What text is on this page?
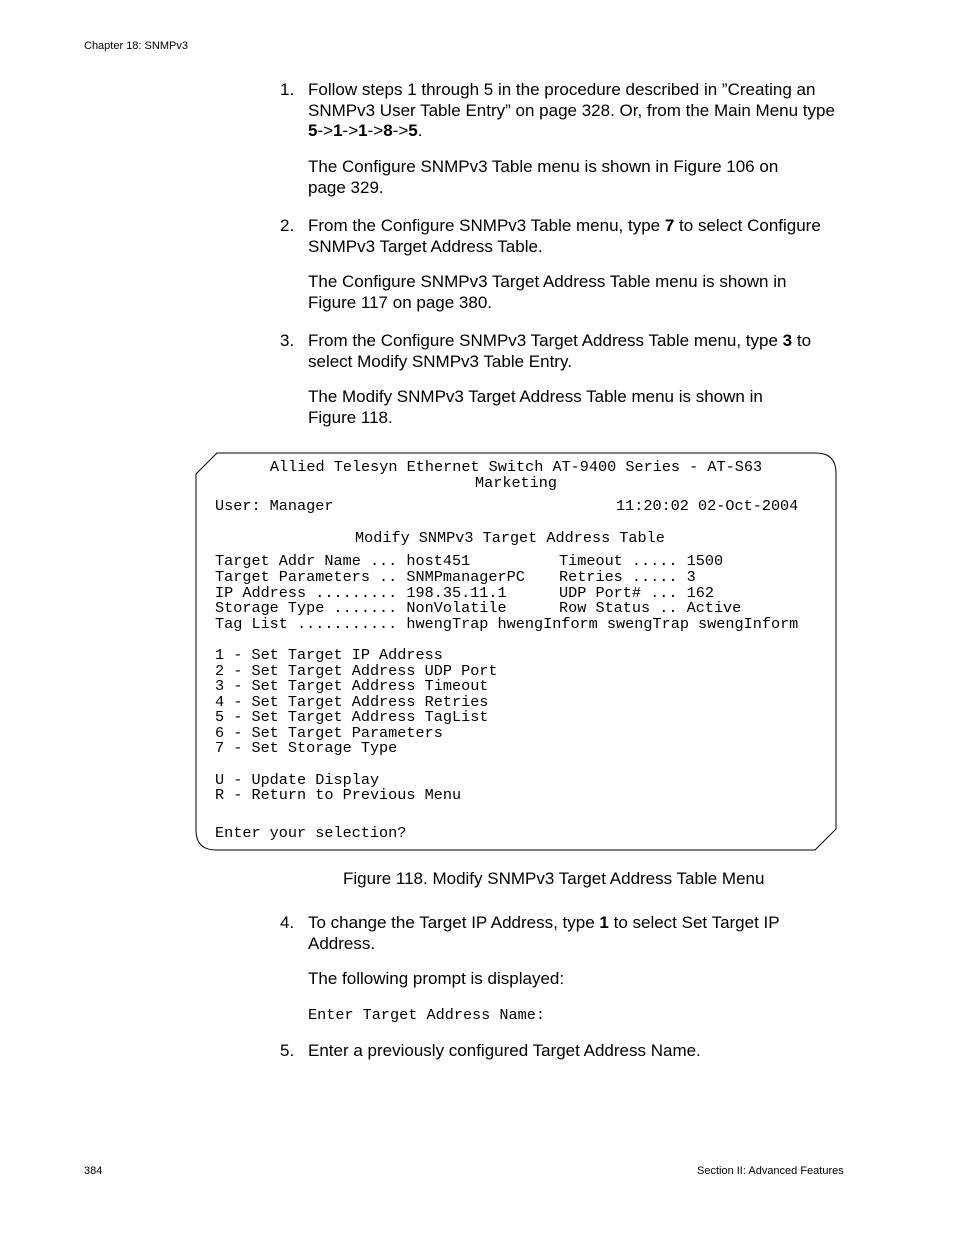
Chapter 18: SNMPv3
1. Follow steps 1 through 5 in the procedure described in ”Creating an SNMPv3 User Table Entry” on page 328. Or, from the Main Menu type 5->1->1->8->5.
The Configure SNMPv3 Table menu is shown in Figure 106 on page 329.
2. From the Configure SNMPv3 Table menu, type 7 to select Configure SNMPv3 Target Address Table.
The Configure SNMPv3 Target Address Table menu is shown in Figure 117 on page 380.
3. From the Configure SNMPv3 Target Address Table menu, type 3 to select Modify SNMPv3 Table Entry.
The Modify SNMPv3 Target Address Table menu is shown in Figure 118.
Allied Telesyn Ethernet Switch AT-9400 Series - AT-S63
Marketing
User: Manager	11:20:02 02-Oct-2004
Modify SNMPv3 Target Address Table
Target Addr Name ... host451
Target Parameters .. SNMPmanagerPC
IP Address ......... 198.35.11.1
Storage Type ....... NonVolatile
Timeout ..... 1500
Retries ..... 3
UDP Port# ... 162
Row Status .. Active
Tag List ........... hwengTrap hwengInform swengTrap swengInform
1 - Set Target IP Address
2 - Set Target Address UDP Port
3 - Set Target Address Timeout
4 - Set Target Address Retries
5 - Set Target Address TagList
6 - Set Target Parameters
7 - Set Storage Type
U - Update Display
R - Return to Previous Menu
Enter your selection?
Figure 118. Modify SNMPv3 Target Address Table Menu
4. To change the Target IP Address, type 1 to select Set Target IP Address.
The following prompt is displayed:
Enter Target Address Name:
5. Enter a previously configured Target Address Name.
384	Section II: Advanced Features
